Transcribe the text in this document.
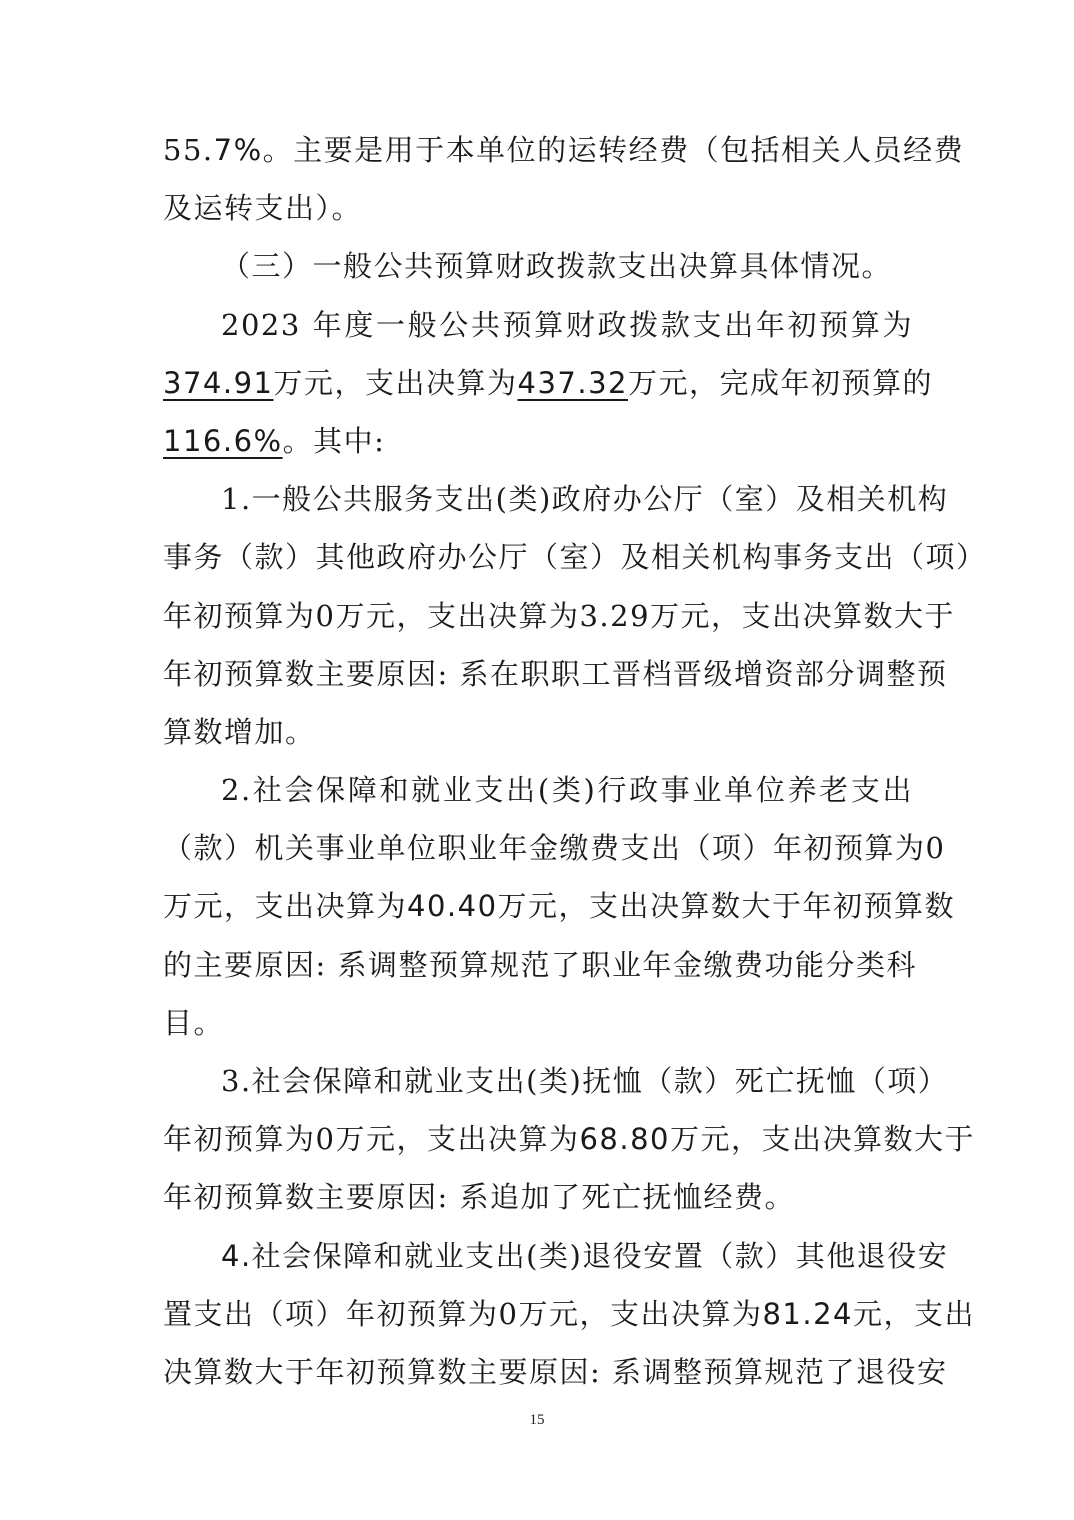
55.7%。主要是用于本单位的运转经费（包括相关人员经费
及运转支出）。
（三）一般公共预算财政拨款支出决算具体情况。
2023 年度一般公共预算财政拨款支出年初预算为
374.91万元，支出决算为437.32万元，完成年初预算的
116.6%。其中:
1.一般公共服务支出(类)政府办公厅（室）及相关机构
事务（款）其他政府办公厅（室）及相关机构事务支出（项）
年初预算为0万元，支出决算为3.29万元，支出决算数大于
年初预算数主要原因: 系在职职工晋档晋级增资部分调整预
算数增加。
2.社会保障和就业支出(类)行政事业单位养老支出
（款）机关事业单位职业年金缴费支出（项）年初预算为0
万元，支出决算为40.40万元，支出决算数大于年初预算数
的主要原因: 系调整预算规范了职业年金缴费功能分类科
目。
3.社会保障和就业支出(类)抚恤（款）死亡抚恤（项）
年初预算为0万元，支出决算为68.80万元，支出决算数大于
年初预算数主要原因: 系追加了死亡抚恤经费。
4.社会保障和就业支出(类)退役安置（款）其他退役安
置支出（项）年初预算为0万元，支出决算为81.24元，支出
决算数大于年初预算数主要原因: 系调整预算规范了退役安
15
